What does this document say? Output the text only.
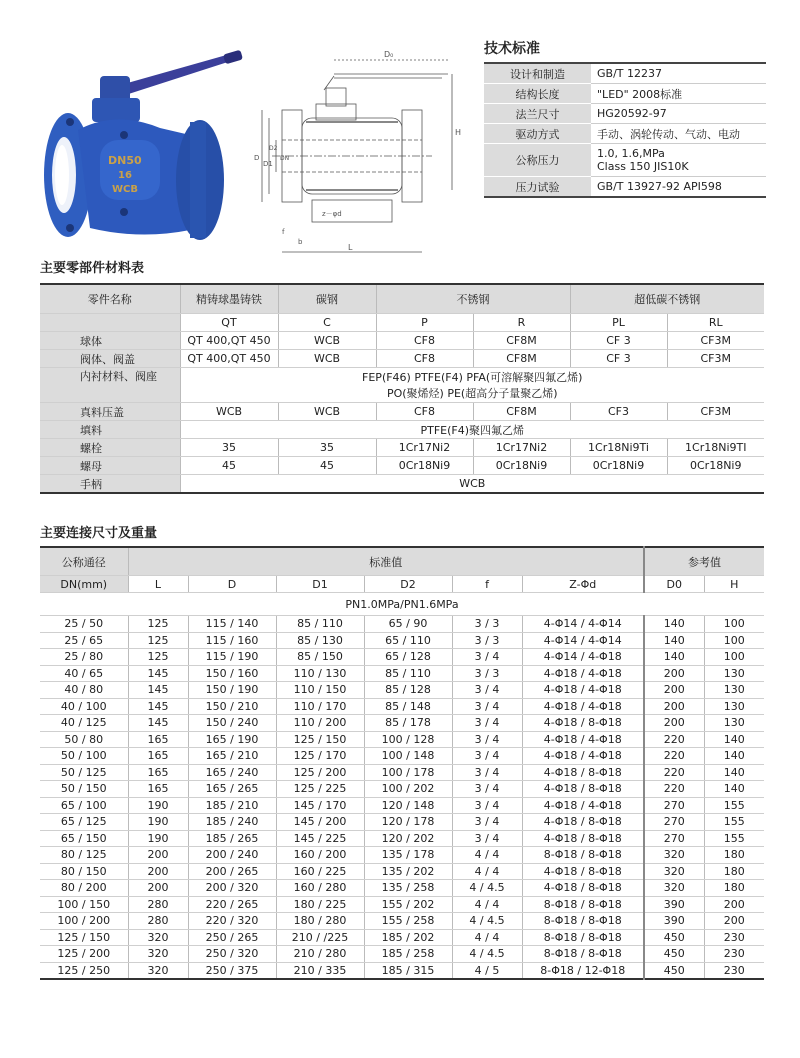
DN50
16
WCB
D₀
H
D
D1
D2
DN
z－φd
f
b
L
技术标准
设计和制造	GB/T 12237
结构长度	"LED" 2008标准
法兰尺寸	HG20592-97
驱动方式	手动、涡轮传动、气动、电动
公称压力	1.0, 1.6,MPa
Class 150 JIS10K

压力试验	GB/T 13927-92 API598
主要零部件材料表
零件名称	精铸球墨铸铁	碳钢	不锈钢		超低碳不锈钢	
	QT	C	P	R	PL	RL
球体	QT 400,QT 450	WCB	CF8	CF8M	CF 3	CF3M
阀体、阀盖	QT 400,QT 450	WCB	CF8	CF8M	CF 3	CF3M
内衬材料、阀座	FEP(F46) PTFE(F4) PFA(可溶解聚四氟乙烯)
PO(聚烯烃) PE(超高分子量聚乙烯)					

真料压盖	WCB	WCB	CF8	CF8M	CF3	CF3M
填料	PTFE(F4)聚四氟乙烯					
螺栓	35	35	1Cr17Ni2	1Cr17Ni2	1Cr18Ni9Ti	1Cr18Ni9TI
螺母	45	45	0Cr18Ni9	0Cr18Ni9	0Cr18Ni9	0Cr18Ni9
手柄	WCB					
主要连接尺寸及重量
公称通径	标准值						参考值	
DN(mm)	L	D	D1	D2	f	Z-Φd	D0	H
PN1.0MPa/PN1.6MPa								
25 / 50	125	115 / 140	85 / 110	65 / 90	3 / 3	4-Φ14 / 4-Φ14	140	100
25 / 65	125	115 / 160	85 / 130	65 / 110	3 / 3	4-Φ14 / 4-Φ14	140	100
25 / 80	125	115 / 190	85 / 150	65 / 128	3 / 4	4-Φ14 / 4-Φ18	140	100
40 / 65	145	150 / 160	110 / 130	85 / 110	3 / 3	4-Φ18 / 4-Φ18	200	130
40 / 80	145	150 / 190	110 / 150	85 / 128	3 / 4	4-Φ18 / 4-Φ18	200	130
40 / 100	145	150 / 210	110 / 170	85 / 148	3 / 4	4-Φ18 / 4-Φ18	200	130
40 / 125	145	150 / 240	110 / 200	85 / 178	3 / 4	4-Φ18 / 8-Φ18	200	130
50 / 80	165	165 / 190	125 / 150	100 / 128	3 / 4	4-Φ18 / 4-Φ18	220	140
50 / 100	165	165 / 210	125 / 170	100 / 148	3 / 4	4-Φ18 / 4-Φ18	220	140
50 / 125	165	165 / 240	125 / 200	100 / 178	3 / 4	4-Φ18 / 8-Φ18	220	140
50 / 150	165	165 / 265	125 / 225	100 / 202	3 / 4	4-Φ18 / 8-Φ18	220	140
65 / 100	190	185 / 210	145 / 170	120 / 148	3 / 4	4-Φ18 / 4-Φ18	270	155
65 / 125	190	185 / 240	145 / 200	120 / 178	3 / 4	4-Φ18 / 8-Φ18	270	155
65 / 150	190	185 / 265	145 / 225	120 / 202	3 / 4	4-Φ18 / 8-Φ18	270	155
80 / 125	200	200 / 240	160 / 200	135 / 178	4 / 4	8-Φ18 / 8-Φ18	320	180
80 / 150	200	200 / 265	160 / 225	135 / 202	4 / 4	4-Φ18 / 8-Φ18	320	180
80 / 200	200	200 / 320	160 / 280	135 / 258	4 / 4.5	4-Φ18 / 8-Φ18	320	180
100 / 150	280	220 / 265	180 / 225	155 / 202	4 / 4	8-Φ18 / 8-Φ18	390	200
100 / 200	280	220 / 320	180 / 280	155 / 258	4 / 4.5	8-Φ18 / 8-Φ18	390	200
125 / 150	320	250 / 265	210 / /225	185 / 202	4 / 4	8-Φ18 / 8-Φ18	450	230
125 / 200	320	250 / 320	210 / 280	185 / 258	4 / 4.5	8-Φ18 / 8-Φ18	450	230
125 / 250	320	250 / 375	210 / 335	185 / 315	4 / 5	8-Φ18 / 12-Φ18	450	230
